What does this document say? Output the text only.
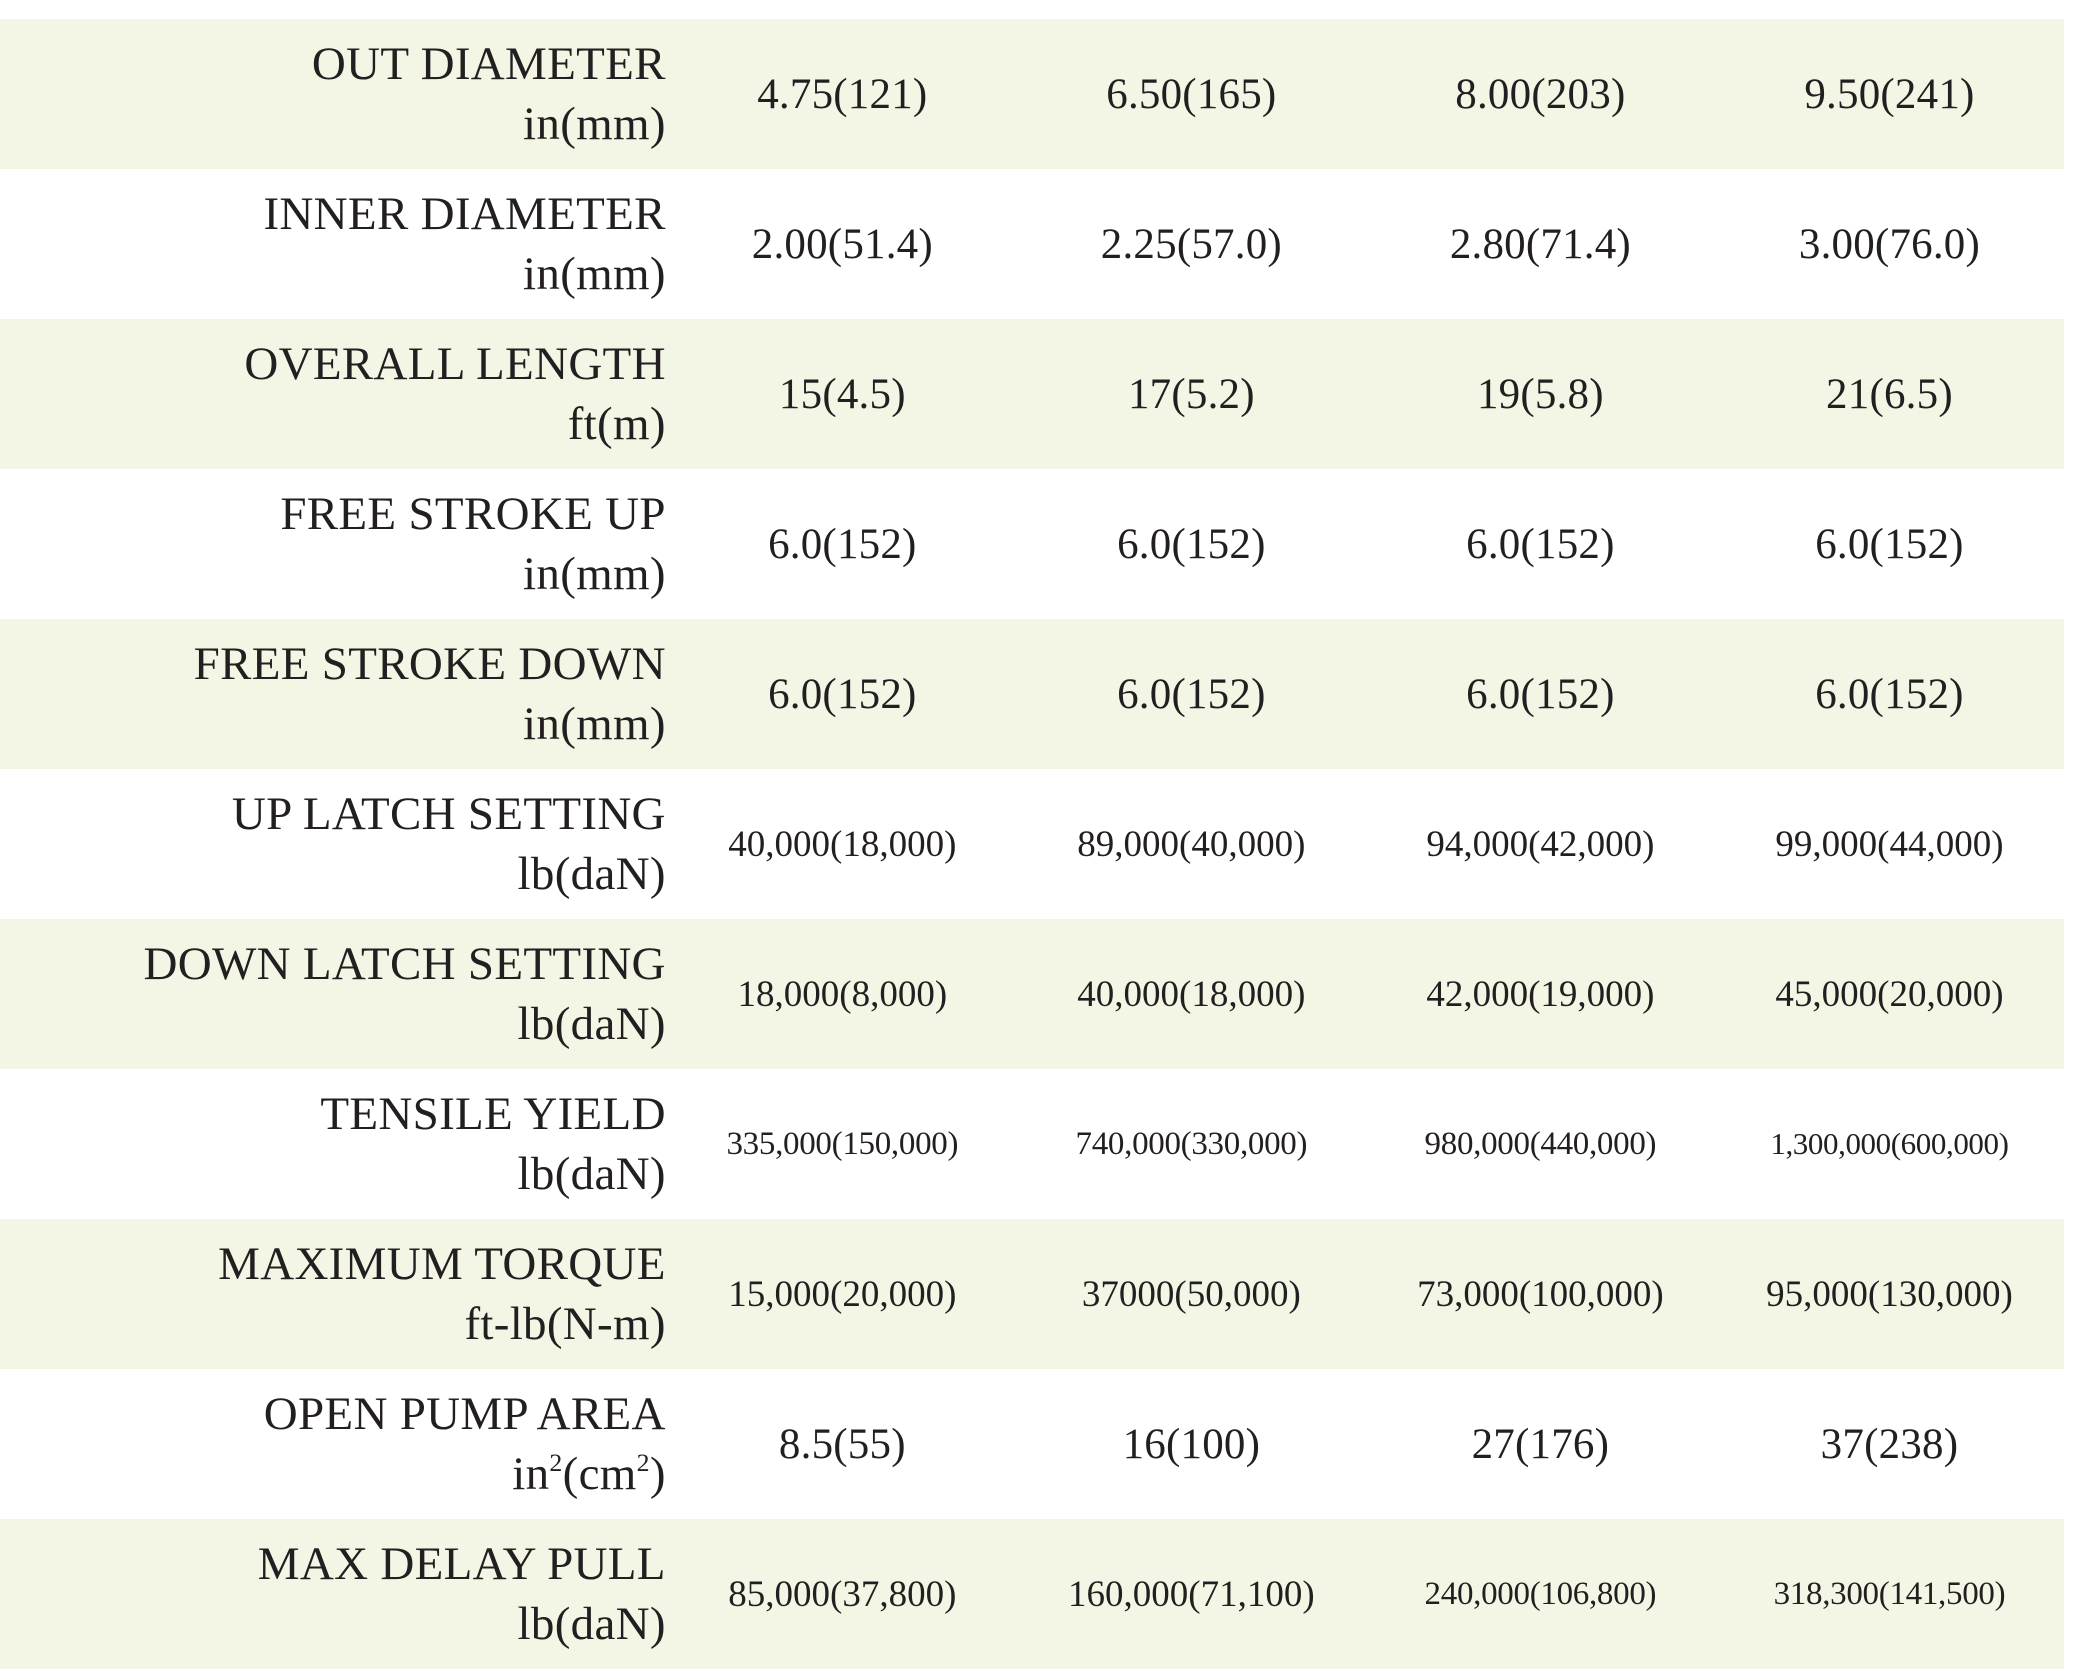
OUT DIAMETER
in(mm)	4.75(121)	6.50(165)	8.00(203)	9.50(241)

INNER DIAMETER
in(mm)	2.00(51.4)	2.25(57.0)	2.80(71.4)	3.00(76.0)

OVERALL LENGTH
ft(m)	15(4.5)	17(5.2)	19(5.8)	21(6.5)

FREE STROKE UP
in(mm)	6.0(152)	6.0(152)	6.0(152)	6.0(152)

FREE STROKE DOWN
in(mm)	6.0(152)	6.0(152)	6.0(152)	6.0(152)

UP LATCH SETTING
lb(daN)	40,000(18,000)	89,000(40,000)	94,000(42,000)	99,000(44,000)

DOWN LATCH SETTING
lb(daN)	18,000(8,000)	40,000(18,000)	42,000(19,000)	45,000(20,000)

TENSILE YIELD
lb(daN)	335,000(150,000)	740,000(330,000)	980,000(440,000)	1,300,000(600,000)

MAXIMUM TORQUE
ft-lb(N-m)	15,000(20,000)	37000(50,000)	73,000(100,000)	95,000(130,000)

OPEN PUMP AREA
$in^2(cm^2)$	8.5(55)	16(100)	27(176)	37(238)

MAX DELAY PULL
lb(daN)	85,000(37,800)	160,000(71,100)	240,000(106,800)	318,300(141,500)
